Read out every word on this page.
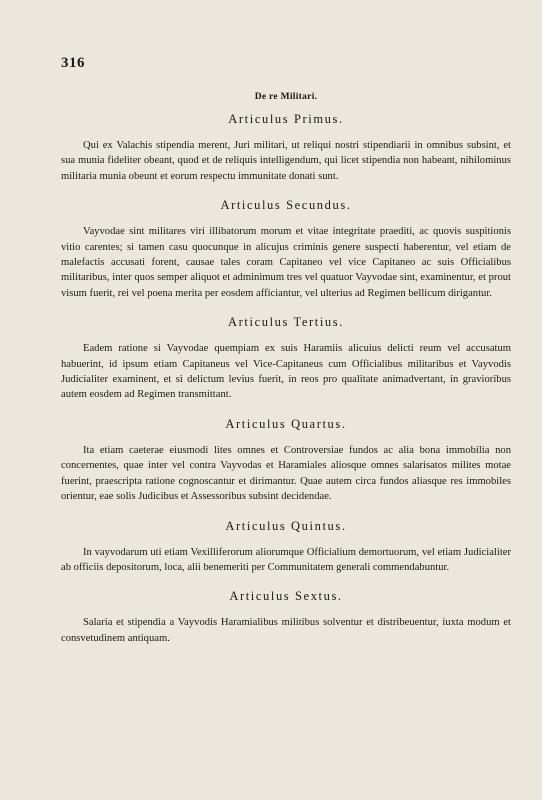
316
De re Militari.
Articulus Primus.

Qui ex Valachis stipendia merent, Juri militari, ut reliqui nostri stipendiarii in omnibus subsint, et sua munia fideliter obeant, quod et de reliquis intelligendum, qui licet stipendia non habeant, nihilominus militaria munia obeunt et eorum respectu immunitate donati sunt.

Articulus Secundus.

Vayvodae sint militares viri illibatorum morum et vitae integritate praediti, ac quovis suspitionis vitio carentes; si tamen casu quocunque in alicujus criminis genere suspecti haberentur, vel etiam de malefactis accusati forent, causae tales coram Capitaneo vel vice Capitaneo ac suis Officialibus militaribus, inter quos semper aliquot et adminimum tres vel quatuor Vayvodae sint, examinentur, et prout visum fuerit, rei vel poena merita per eosdem afficiantur, vel ulterius ad Regimen bellicum dirigantur.

Articulus Tertius.

Eadem ratione si Vayvodae quempiam ex suis Haramiis alicuius delicti reum vel accusatum habuerint, id ipsum etiam Capitaneus vel Vice-Capitaneus cum Officialibus militaribus et Vayvodis Judicialiter examinent, et si delictum levius fuerit, in reos pro qualitate animadvertant, in gravioribus autem eosdem ad Regimen transmittant.

Articulus Quartus.

Ita etiam caeterae eiusmodi lites omnes et Controversiae fundos ac alia bona immobilia non concernentes, quae inter vel contra Vayvodas et Haramiales aliosque omnes salarisatos milites motae fuerint, praescripta ratione cognoscantur et dirimantur. Quae autem circa fundos aliasque res immobiles orientur, eae solis Judicibus et Assessoribus subsint decidendae.

Articulus Quintus.

In vayvodarum uti etiam Vexilliferorum aliorumque Officialium demortuorum, vel etiam Judicialiter ab officiis depositorum, loca, alii benemeriti per Communitatem generali commendabuntur.

Articulus Sextus.

Salaria et stipendia a Vayvodis Haramialibus militibus solventur et distribeuentur, iuxta modum et consvetudinem antiquam.
